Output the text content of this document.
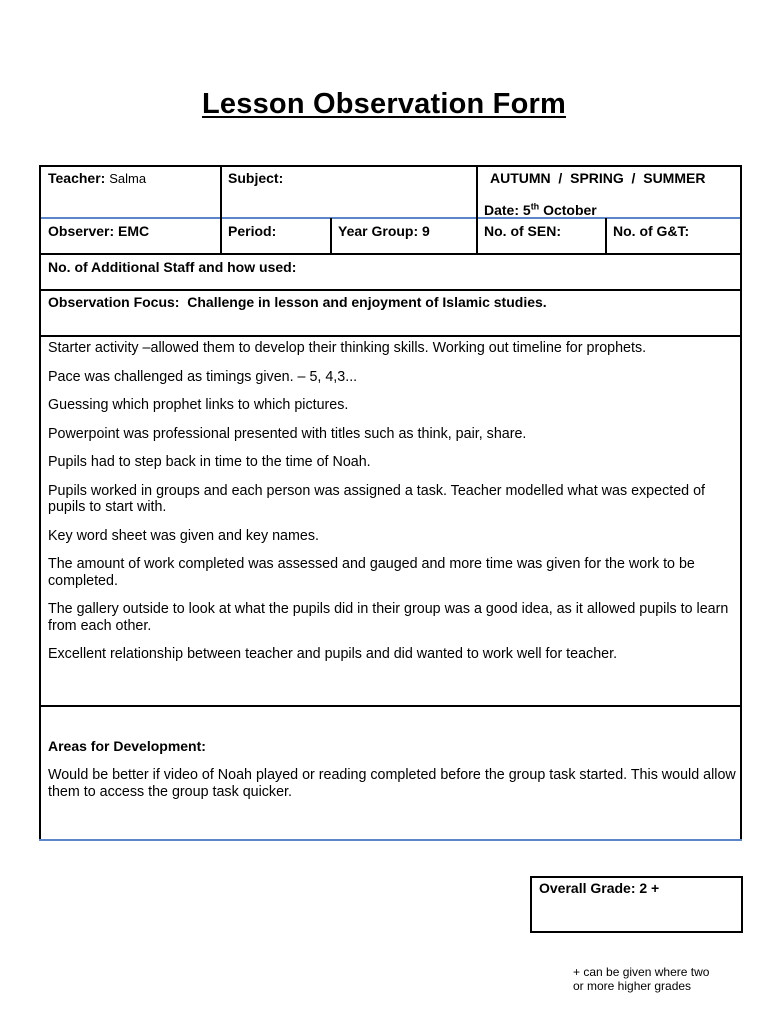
Lesson Observation Form
Teacher: Salma	Subject:	AUTUMN  /  SPRING  /  SUMMER
Date: 5th October
Observer: EMC	Period:	Year Group: 9	No. of SEN:	No. of G&T:
No. of Additional Staff and how used:
Observation Focus:  Challenge in lesson and enjoyment of Islamic studies.

Starter activity –allowed them to develop their thinking skills. Working out timeline for prophets.

Pace was challenged as timings given. – 5, 4,3...

Guessing which prophet links to which pictures.

Powerpoint was professional presented with titles such as think, pair, share.

Pupils had to step back in time to the time of Noah.

Pupils worked in groups and each person was assigned a task. Teacher modelled what was expected of pupils to start with.

Key word sheet was given and key names.

The amount of work completed was assessed and gauged and more time was given for the work to be completed.

The gallery outside to look at what the pupils did in their group was a good idea, as it allowed pupils to learn from each other.

Excellent relationship between teacher and pupils and did wanted to work well for teacher.

Areas for Development:

Would be better if video of Noah played or reading completed before the group task started. This would allow them to access the group task quicker.

Overall Grade: 2 +
+ can be given where two
or more higher grades
